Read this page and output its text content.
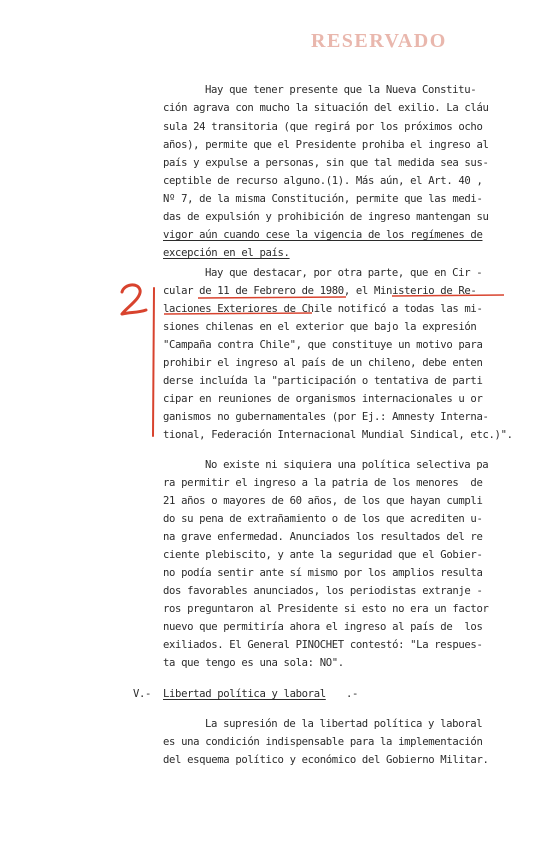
RESERVADO
Hay que tener presente que la Nueva Constitu-
ción agrava con mucho la situación del exilio. La cláu
sula 24 transitoria (que regirá por los próximos ocho
años), permite que el Presidente prohiba el ingreso al
país y expulse a personas, sin que tal medida sea sus-
ceptible de recurso alguno.(1). Más aún, el Art. 40 ,
Nº 7, de la misma Constitución, permite que las medi-
das de expulsión y prohibición de ingreso mantengan su
vigor aún cuando cese la vigencia de los regímenes de
excepción en el país.
Hay que destacar, por otra parte, que en Cir -
cular de 11 de Febrero de 1980, el Ministerio de Re-
laciones Exteriores de Chile notificó a todas las mi-
siones chilenas en el exterior que bajo la expresión
"Campaña contra Chile", que constituye un motivo para
prohibir el ingreso al país de un chileno, debe enten
derse incluída la "participación o tentativa de parti
cipar en reuniones de organismos internacionales u or
ganismos no gubernamentales (por Ej.: Amnesty Interna-
tional, Federación Internacional Mundial Sindical, etc.)".
No existe ni siquiera una política selectiva pa
ra permitir el ingreso a la patria de los menores  de
21 años o mayores de 60 años, de los que hayan cumpli
do su pena de extrañamiento o de los que acrediten u-
na grave enfermedad. Anunciados los resultados del re
ciente plebiscito, y ante la seguridad que el Gobier-
no podía sentir ante sí mismo por los amplios resulta
dos favorables anunciados, los periodistas extranje -
ros preguntaron al Presidente si esto no era un factor
nuevo que permitiría ahora el ingreso al país de  los
exiliados. El General PINOCHET contestó: "La respues-
ta que tengo es una sola: NO".
V.- Libertad política y laboral .-
La supresión de la libertad política y laboral
es una condición indispensable para la implementación
del esquema político y económico del Gobierno Militar.
